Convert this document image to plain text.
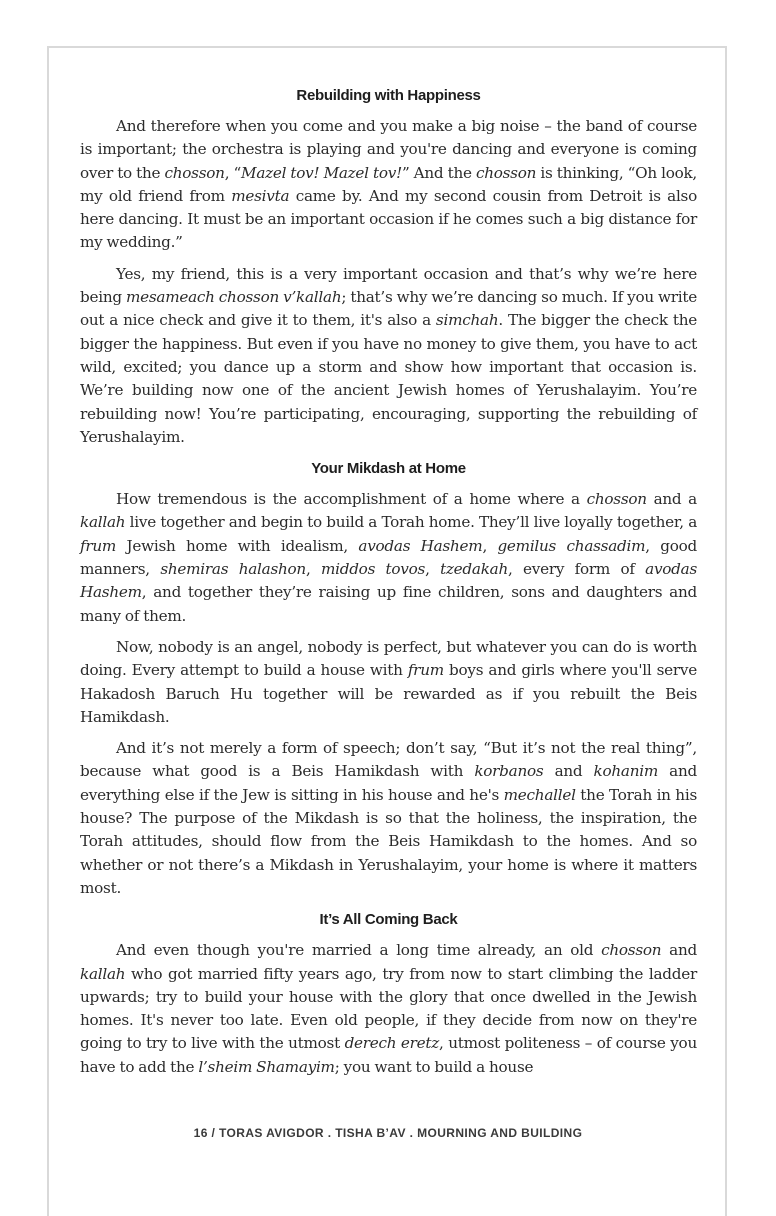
Rebuilding with Happiness

And therefore when you come and you make a big noise – the band of course is important; the orchestra is playing and you're dancing and everyone is coming over to the chosson, “Mazel tov! Mazel tov!” And the chosson is thinking, “Oh look, my old friend from mesivta came by. And my second cousin from Detroit is also here dancing. It must be an important occasion if he comes such a big distance for my wedding.”

Yes, my friend, this is a very important occasion and that’s why we’re here being mesameach chosson v’kallah; that’s why we’re dancing so much. If you write out a nice check and give it to them, it's also a simchah. The bigger the check the bigger the happiness. But even if you have no money to give them, you have to act wild, excited; you dance up a storm and show how important that occasion is. We’re building now one of the ancient Jewish homes of Yerushalayim. You’re rebuilding now! You’re participating, encouraging, supporting the rebuilding of Yerushalayim.

Your Mikdash at Home

How tremendous is the accomplishment of a home where a chosson and a kallah live together and begin to build a Torah home. They’ll live loyally together, a frum Jewish home with idealism, avodas Hashem, gemilus chassadim, good manners, shemiras halashon, middos tovos, tzedakah, every form of avodas Hashem, and together they’re raising up fine children, sons and daughters and many of them.

Now, nobody is an angel, nobody is perfect, but whatever you can do is worth doing. Every attempt to build a house with frum boys and girls where you'll serve Hakadosh Baruch Hu together will be rewarded as if you rebuilt the Beis Hamikdash.

And it’s not merely a form of speech; don’t say, “But it’s not the real thing”, because what good is a Beis Hamikdash with korbanos and kohanim and everything else if the Jew is sitting in his house and he's mechallel the Torah in his house? The purpose of the Mikdash is so that the holiness, the inspiration, the Torah attitudes, should flow from the Beis Hamikdash to the homes. And so whether or not there’s a Mikdash in Yerushalayim, your home is where it matters most.

It’s All Coming Back

And even though you're married a long time already, an old chosson and kallah who got married fifty years ago, try from now to start climbing the ladder upwards; try to build your house with the glory that once dwelled in the Jewish homes. It's never too late. Even old people, if they decide from now on they're going to try to live with the utmost derech eretz, utmost politeness – of course you have to add the l’sheim Shamayim; you want to build a house

16 / TORAS AVIGDOR . TISHA B’AV . MOURNING AND BUILDING
